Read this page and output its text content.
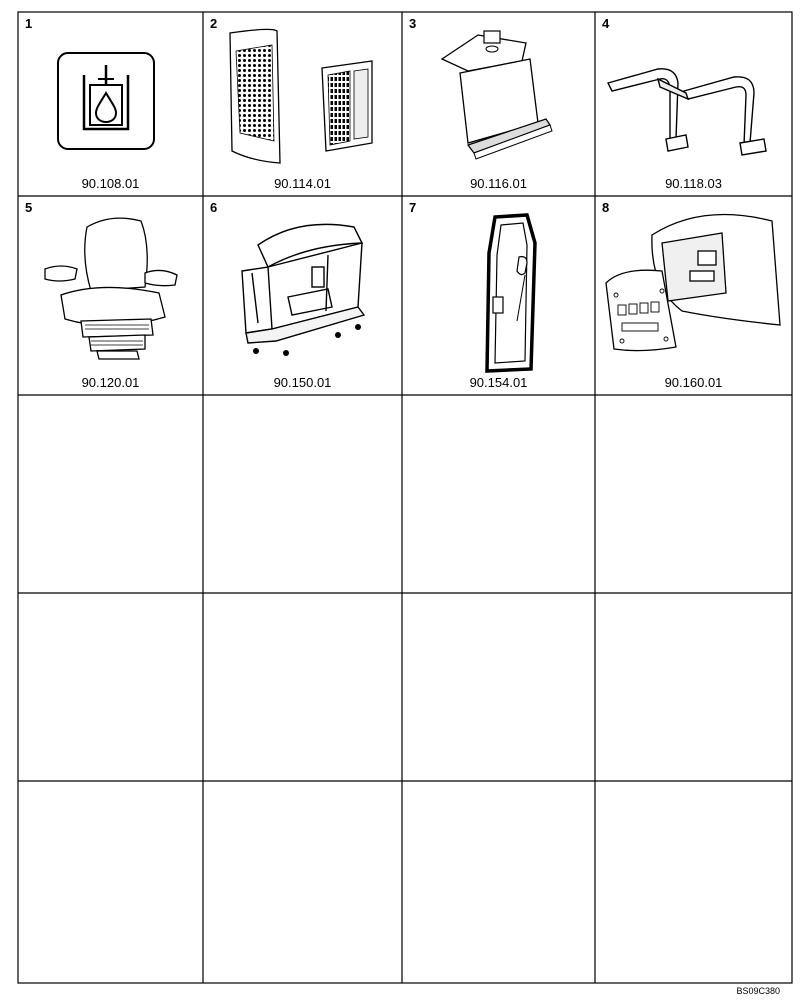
1
90.108.01
2
90.114.01
3
90.116.01
4
90.118.03
5
90.120.01
6
90.150.01
7
90.154.01
8
90.160.01
BS09C380
